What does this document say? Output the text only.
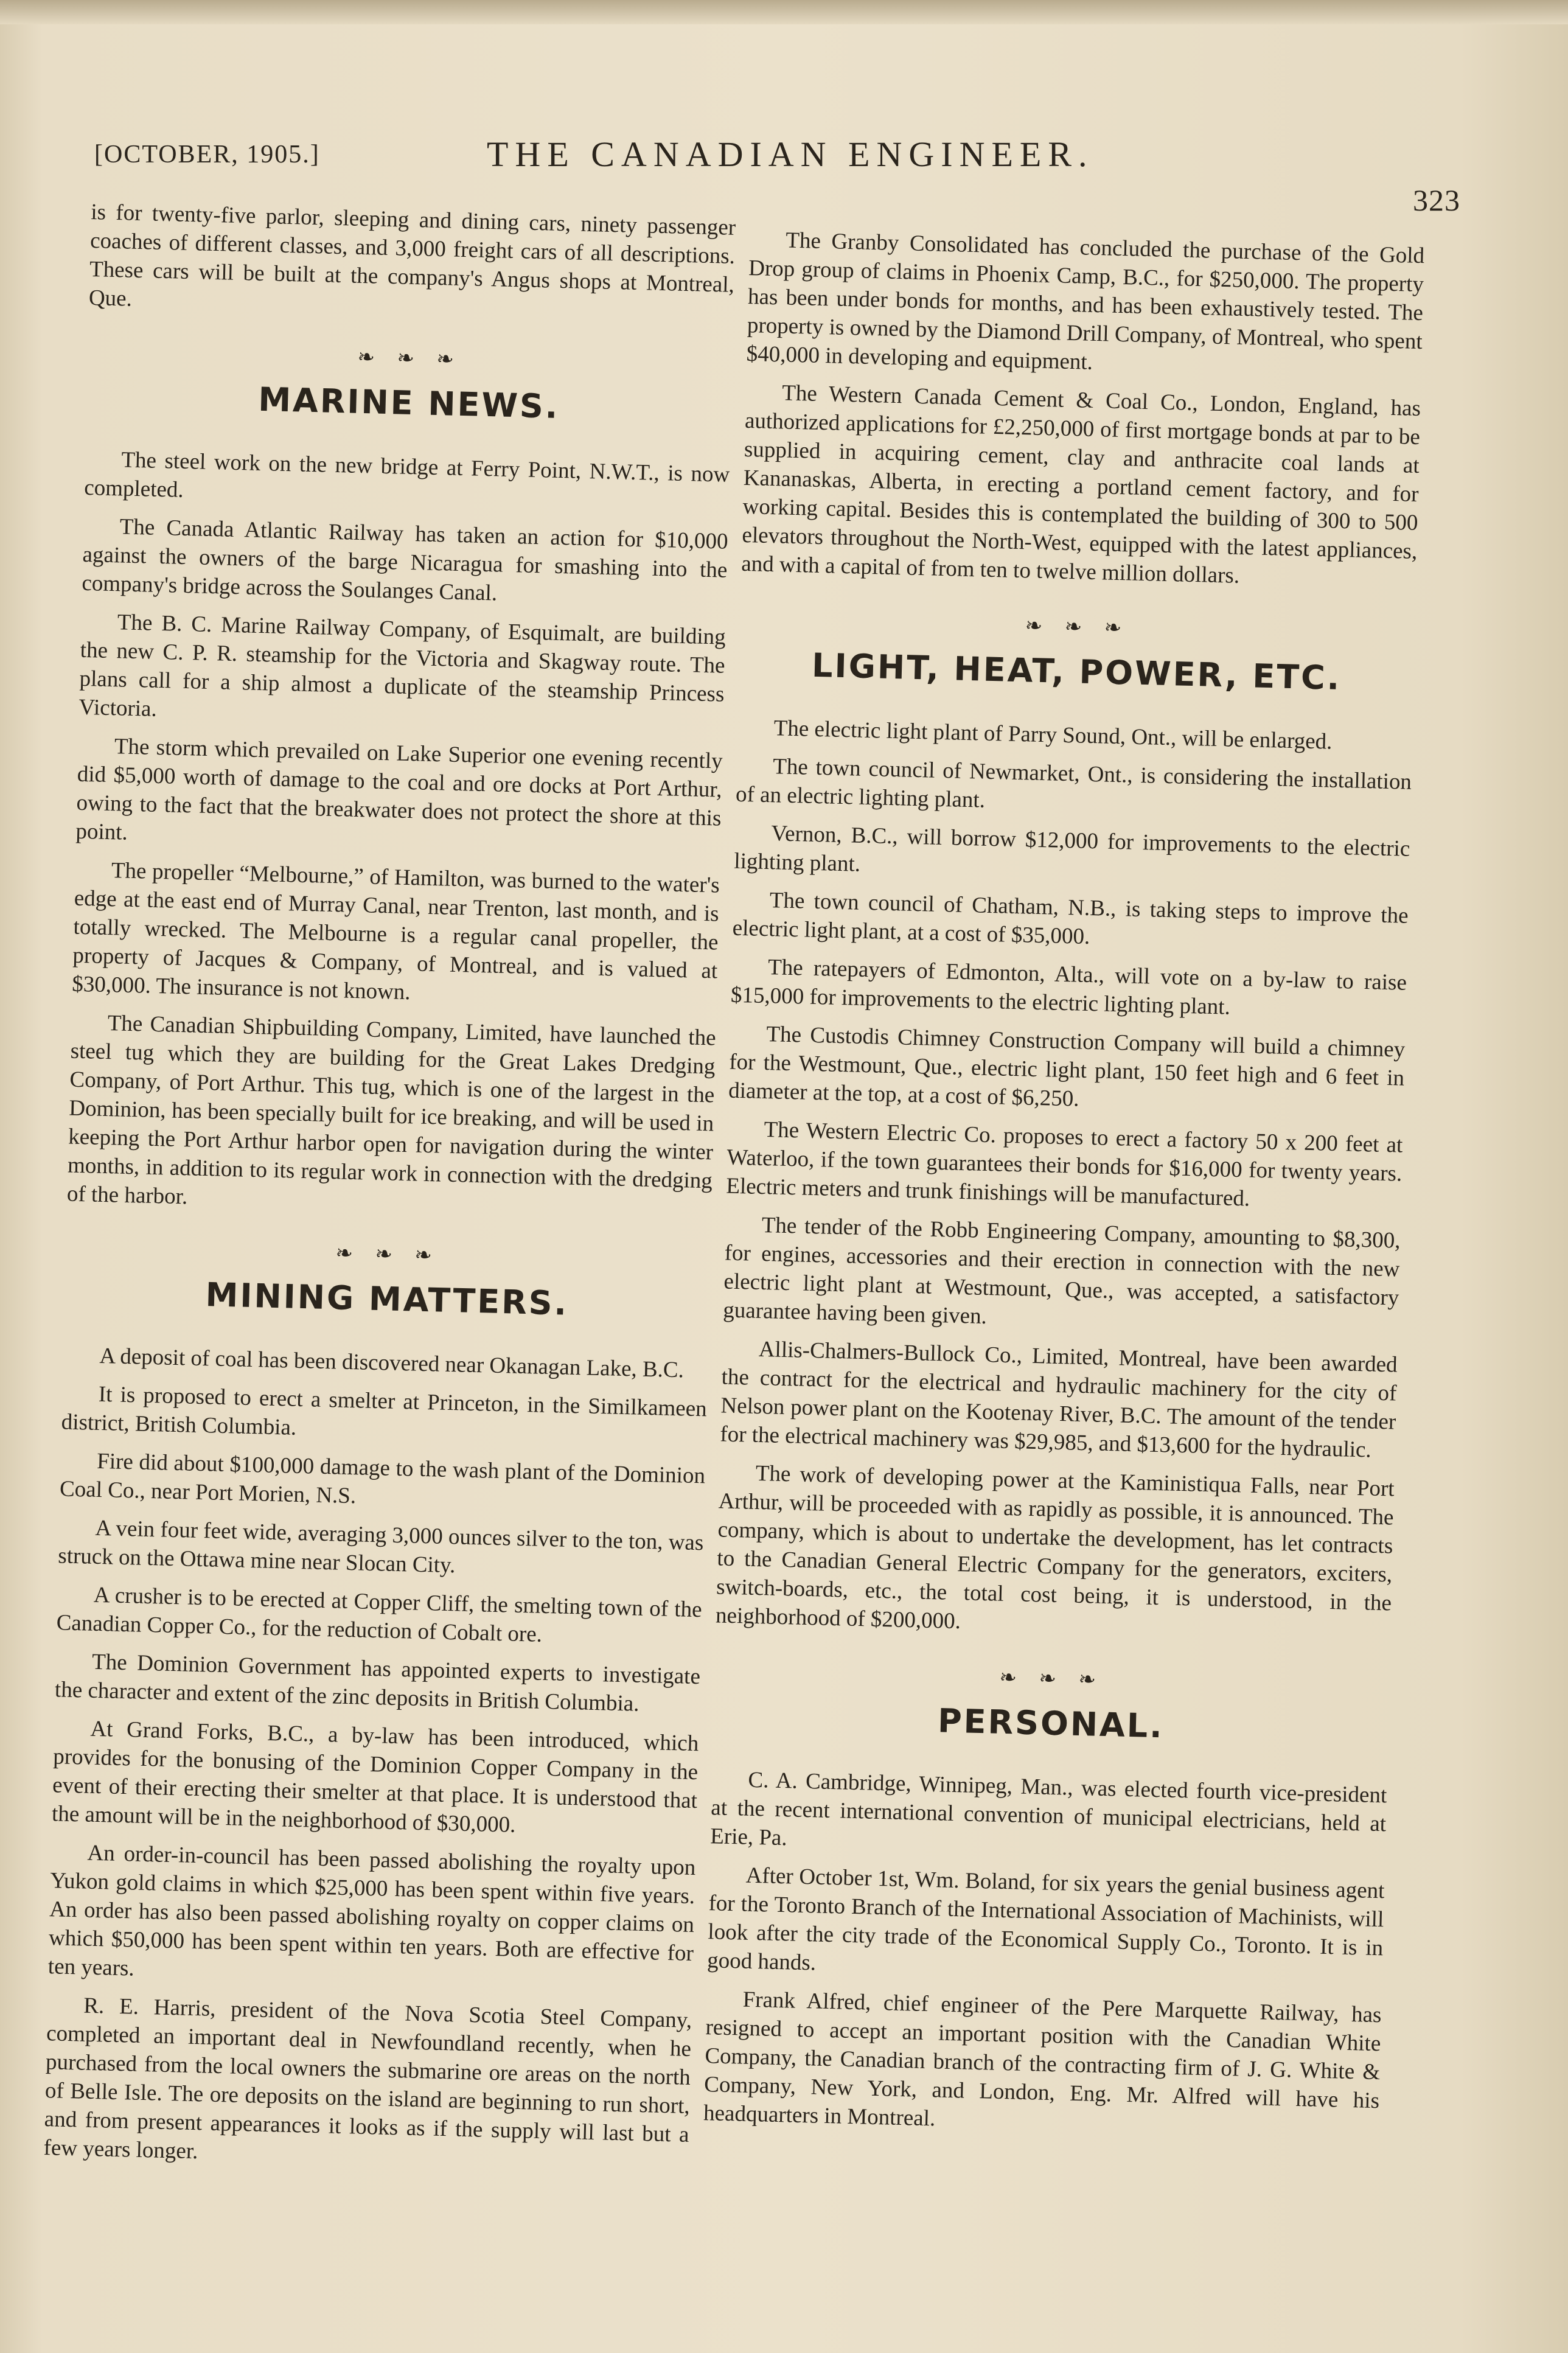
[OCTOBER, 1905.]	THE CANADIAN ENGINEER.
323

is for twenty-five parlor, sleeping and dining cars, ninety passenger coaches of different classes, and 3,000 freight cars of all descriptions. These cars will be built at the company's Angus shops at Montreal, Que.

❧ ❧ ❧
MARINE NEWS.

The steel work on the new bridge at Ferry Point, N.W.T., is now completed.

The Canada Atlantic Railway has taken an action for $10,000 against the owners of the barge Nicaragua for smashing into the company's bridge across the Soulanges Canal.

The B. C. Marine Railway Company, of Esquimalt, are building the new C. P. R. steamship for the Victoria and Skagway route. The plans call for a ship almost a duplicate of the steamship Princess Victoria.

The storm which prevailed on Lake Superior one evening recently did $5,000 worth of damage to the coal and ore docks at Port Arthur, owing to the fact that the breakwater does not protect the shore at this point.

The propeller “Melbourne,” of Hamilton, was burned to the water's edge at the east end of Murray Canal, near Trenton, last month, and is totally wrecked. The Melbourne is a regular canal propeller, the property of Jacques & Company, of Montreal, and is valued at $30,000. The insurance is not known.

The Canadian Shipbuilding Company, Limited, have launched the steel tug which they are building for the Great Lakes Dredging Company, of Port Arthur. This tug, which is one of the largest in the Dominion, has been specially built for ice breaking, and will be used in keeping the Port Arthur harbor open for navigation during the winter months, in addition to its regular work in connection with the dredging of the harbor.

❧ ❧ ❧
MINING MATTERS.

A deposit of coal has been discovered near Okanagan Lake, B.C.

It is proposed to erect a smelter at Princeton, in the Similkameen district, British Columbia.

Fire did about $100,000 damage to the wash plant of the Dominion Coal Co., near Port Morien, N.S.

A vein four feet wide, averaging 3,000 ounces silver to the ton, was struck on the Ottawa mine near Slocan City.

A crusher is to be erected at Copper Cliff, the smelting town of the Canadian Copper Co., for the reduction of Cobalt ore.

The Dominion Government has appointed experts to investigate the character and extent of the zinc deposits in British Columbia.

At Grand Forks, B.C., a by-law has been introduced, which provides for the bonusing of the Dominion Copper Company in the event of their erecting their smelter at that place. It is understood that the amount will be in the neighborhood of $30,000.

An order-in-council has been passed abolishing the royalty upon Yukon gold claims in which $25,000 has been spent within five years. An order has also been passed abolishing royalty on copper claims on which $50,000 has been spent within ten years. Both are effective for ten years.

R. E. Harris, president of the Nova Scotia Steel Company, completed an important deal in Newfoundland recently, when he purchased from the local owners the submarine ore areas on the north of Belle Isle. The ore deposits on the island are beginning to run short, and from present appearances it looks as if the supply will last but a few years longer.

The Granby Consolidated has concluded the purchase of the Gold Drop group of claims in Phoenix Camp, B.C., for $250,000. The property has been under bonds for months, and has been exhaustively tested. The property is owned by the Diamond Drill Company, of Montreal, who spent $40,000 in developing and equipment.

The Western Canada Cement & Coal Co., London, England, has authorized applications for £2,250,000 of first mortgage bonds at par to be supplied in acquiring cement, clay and anthracite coal lands at Kananaskas, Alberta, in erecting a portland cement factory, and for working capital. Besides this is contemplated the building of 300 to 500 elevators throughout the North-West, equipped with the latest appliances, and with a capital of from ten to twelve million dollars.

❧ ❧ ❧
LIGHT, HEAT, POWER, ETC.

The electric light plant of Parry Sound, Ont., will be enlarged.

The town council of Newmarket, Ont., is considering the installation of an electric lighting plant.

Vernon, B.C., will borrow $12,000 for improvements to the electric lighting plant.

The town council of Chatham, N.B., is taking steps to improve the electric light plant, at a cost of $35,000.

The ratepayers of Edmonton, Alta., will vote on a by-law to raise $15,000 for improvements to the electric lighting plant.

The Custodis Chimney Construction Company will build a chimney for the Westmount, Que., electric light plant, 150 feet high and 6 feet in diameter at the top, at a cost of $6,250.

The Western Electric Co. proposes to erect a factory 50 x 200 feet at Waterloo, if the town guarantees their bonds for $16,000 for twenty years. Electric meters and trunk finishings will be manufactured.

The tender of the Robb Engineering Company, amounting to $8,300, for engines, accessories and their erection in connection with the new electric light plant at Westmount, Que., was accepted, a satisfactory guarantee having been given.

Allis-Chalmers-Bullock Co., Limited, Montreal, have been awarded the contract for the electrical and hydraulic machinery for the city of Nelson power plant on the Kootenay River, B.C. The amount of the tender for the electrical machinery was $29,985, and $13,600 for the hydraulic.

The work of developing power at the Kaministiqua Falls, near Port Arthur, will be proceeded with as rapidly as possible, it is announced. The company, which is about to undertake the development, has let contracts to the Canadian General Electric Company for the generators, exciters, switch-boards, etc., the total cost being, it is understood, in the neighborhood of $200,000.

❧ ❧ ❧
PERSONAL.

C. A. Cambridge, Winnipeg, Man., was elected fourth vice-president at the recent international convention of municipal electricians, held at Erie, Pa.

After October 1st, Wm. Boland, for six years the genial business agent for the Toronto Branch of the International Association of Machinists, will look after the city trade of the Economical Supply Co., Toronto. It is in good hands.

Frank Alfred, chief engineer of the Pere Marquette Railway, has resigned to accept an important position with the Canadian White Company, the Canadian branch of the contracting firm of J. G. White & Company, New York, and London, Eng. Mr. Alfred will have his headquarters in Montreal.
